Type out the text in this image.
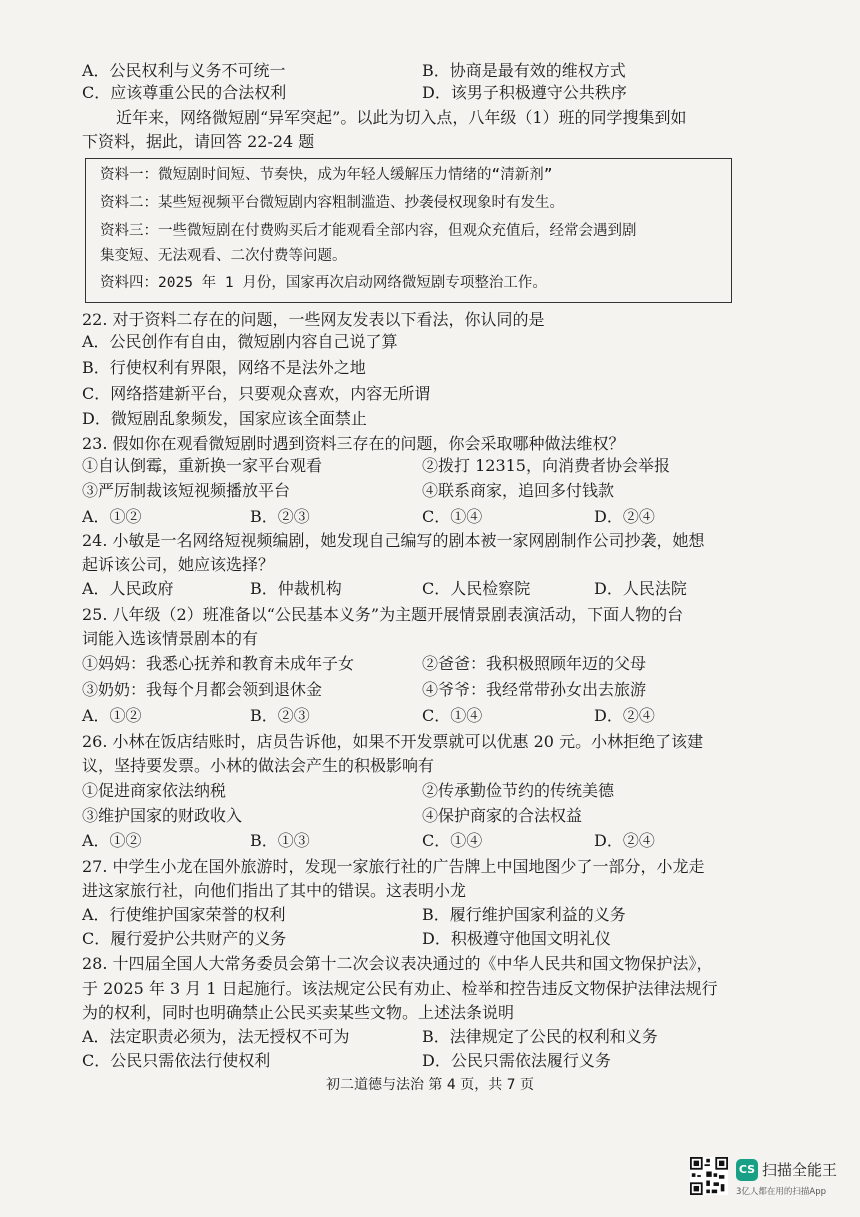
A．公民权利与义务不可统一	B．协商是最有效的维权方式
C．应该尊重公民的合法权利	D．该男子积极遵守公共秩序
近年来，网络微短剧“异军突起”。以此为切入点，八年级（1）班的同学搜集到如
下资料，据此，请回答 22-24 题
资料一：微短剧时间短、节奏快，成为年轻人缓解压力情绪的“清新剂”
资料二：某些短视频平台微短剧内容粗制滥造、抄袭侵权现象时有发生。
资料三：一些微短剧在付费购买后才能观看全部内容，但观众充值后，经常会遇到剧
集变短、无法观看、二次付费等问题。
资料四：2025 年 1 月份，国家再次启动网络微短剧专项整治工作。
22. 对于资料二存在的问题，一些网友发表以下看法，你认同的是
A．公民创作有自由，微短剧内容自己说了算
B．行使权利有界限，网络不是法外之地
C．网络搭建新平台，只要观众喜欢，内容无所谓
D．微短剧乱象频发，国家应该全面禁止
23. 假如你在观看微短剧时遇到资料三存在的问题，你会采取哪种做法维权？
①自认倒霉，重新换一家平台观看	②拨打 12315，向消费者协会举报
③严厉制裁该短视频播放平台	④联系商家，追回多付钱款
A．①②	B．②③	C．①④	D．②④
24. 小敏是一名网络短视频编剧，她发现自己编写的剧本被一家网剧制作公司抄袭，她想
起诉该公司，她应该选择？
A．人民政府	B．仲裁机构	C．人民检察院	D．人民法院
25. 八年级（2）班准备以“公民基本义务”为主题开展情景剧表演活动，下面人物的台
词能入选该情景剧本的有
①妈妈：我悉心抚养和教育未成年子女	②爸爸：我积极照顾年迈的父母
③奶奶：我每个月都会领到退休金	④爷爷：我经常带孙女出去旅游
A．①②	B．②③	C．①④	D．②④
26. 小林在饭店结账时，店员告诉他，如果不开发票就可以优惠 20 元。小林拒绝了该建
议，坚持要发票。小林的做法会产生的积极影响有
①促进商家依法纳税	②传承勤俭节约的传统美德
③维护国家的财政收入	④保护商家的合法权益
A．①②	B．①③	C．①④	D．②④
27. 中学生小龙在国外旅游时，发现一家旅行社的广告牌上中国地图少了一部分，小龙走
进这家旅行社，向他们指出了其中的错误。这表明小龙
A．行使维护国家荣誉的权利	B．履行维护国家利益的义务
C．履行爱护公共财产的义务	D．积极遵守他国文明礼仪
28. 十四届全国人大常务委员会第十二次会议表决通过的《中华人民共和国文物保护法》，
于 2025 年 3 月 1 日起施行。该法规定公民有劝止、检举和控告违反文物保护法律法规行
为的权利，同时也明确禁止公民买卖某些文物。上述法条说明
A．法定职责必须为，法无授权不可为	B．法律规定了公民的权利和义务
C．公民只需依法行使权利	D．公民只需依法履行义务
初二道德与法治 第 4 页，共 7 页
CS 扫描全能王
3亿人都在用的扫描App
